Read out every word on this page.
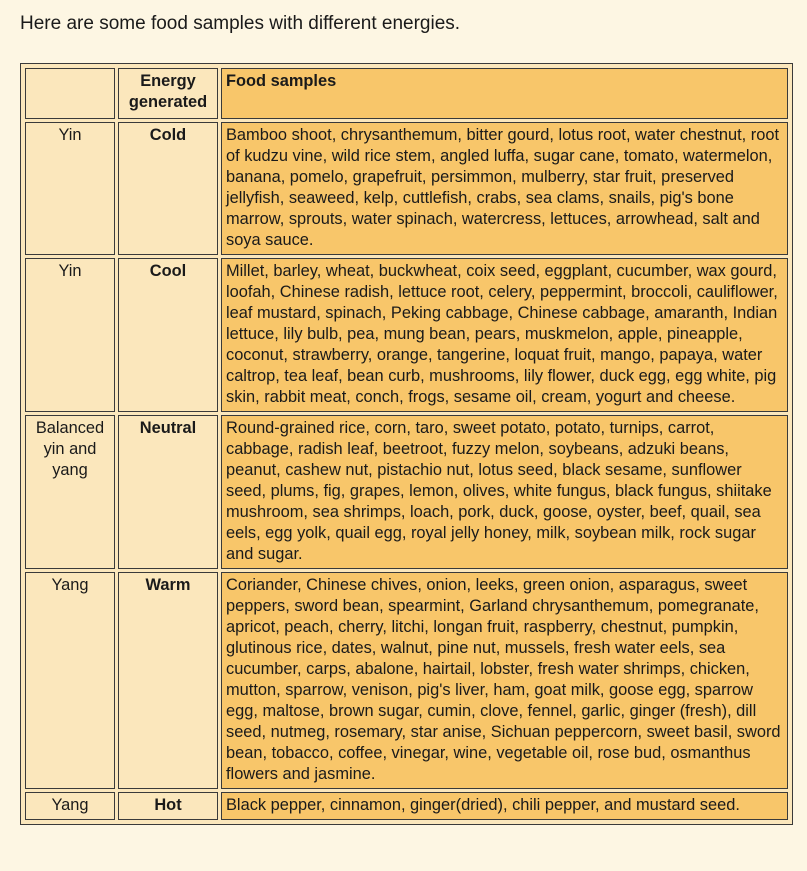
Here are some food samples with different energies.

	Energy generated	Food samples
Yin	Cold	Bamboo shoot, chrysanthemum, bitter gourd, lotus root, water chestnut, root of kudzu vine, wild rice stem, angled luffa, sugar cane, tomato, watermelon, banana, pomelo, grapefruit, persimmon, mulberry, star fruit, preserved jellyfish, seaweed, kelp, cuttlefish, crabs, sea clams, snails, pig's bone marrow, sprouts, water spinach, watercress, lettuces, arrowhead, salt and soya sauce.
Yin	Cool	Millet, barley, wheat, buckwheat, coix seed, eggplant, cucumber, wax gourd, loofah, Chinese radish, lettuce root, celery, peppermint, broccoli, cauliflower, leaf mustard, spinach, Peking cabbage, Chinese cabbage, amaranth, Indian lettuce, lily bulb, pea, mung bean, pears, muskmelon, apple, pineapple, coconut, strawberry, orange, tangerine, loquat fruit, mango, papaya, water caltrop, tea leaf, bean curb, mushrooms, lily flower, duck egg, egg white, pig skin, rabbit meat, conch, frogs, sesame oil, cream, yogurt and cheese.
Balanced yin and yang	Neutral	Round-grained rice, corn, taro, sweet potato, potato, turnips, carrot, cabbage, radish leaf, beetroot, fuzzy melon, soybeans, adzuki beans, peanut, cashew nut, pistachio nut, lotus seed, black sesame, sunflower seed, plums, fig, grapes, lemon, olives, white fungus, black fungus, shiitake mushroom, sea shrimps, loach, pork, duck, goose, oyster, beef, quail, sea eels, egg yolk, quail egg, royal jelly honey, milk, soybean milk, rock sugar and sugar.
Yang	Warm	Coriander, Chinese chives, onion, leeks, green onion, asparagus, sweet peppers, sword bean, spearmint, Garland chrysanthemum, pomegranate, apricot, peach, cherry, litchi, longan fruit, raspberry, chestnut, pumpkin, glutinous rice, dates, walnut, pine nut, mussels, fresh water eels, sea cucumber, carps, abalone, hairtail, lobster, fresh water shrimps, chicken, mutton, sparrow, venison, pig's liver, ham, goat milk, goose egg, sparrow egg, maltose, brown sugar, cumin, clove, fennel, garlic, ginger (fresh), dill seed, nutmeg, rosemary, star anise, Sichuan peppercorn, sweet basil, sword bean, tobacco, coffee, vinegar, wine, vegetable oil, rose bud, osmanthus flowers and jasmine.
Yang	Hot	Black pepper, cinnamon, ginger(dried), chili pepper, and mustard seed.
